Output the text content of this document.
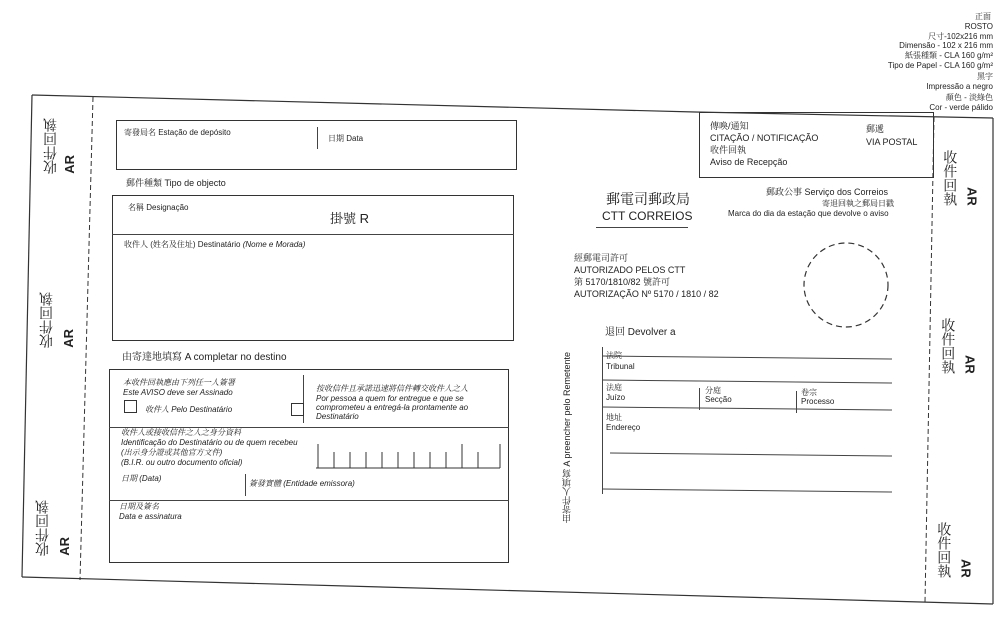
正面
ROSTO
尺寸-102x216 mm
Dimensão - 102 x 216 mm
紙張種類 - CLA 160 g/m²
Tipo de Papel - CLA 160 g/m²
黑字
Impressão a negro
顏色 - 淡綠色
Cor - verde pálido
收件回執 AR
收件回執 AR
收件回執 AR
收件回執 AR
收件回執 AR
收件回執 AR
寄發局名 Estação de depósito
日期 Data
郵件種類 Tipo de objecto
名稱 Designação
掛號 R
收件人 (姓名及住址) Destinatário (Nome e Morada)
由寄達地填寫 A completar no destino
本收件回執應由下列任一人簽署
Este AVISO deve ser Assinado
收件人 Pelo Destinatário
按收信件且承諾迅速將信件轉交收件人之人
Por pessoa a quem for entregue e que se
comprometeu a entregá-la prontamente ao
Destinatário
收件人或接收信件之人之身分資料
Identificação do Destinatário ou de quem recebeu
(出示身分證或其他官方文件)
(B.I.R. ou outro documento oficial)
日期 (Data)
簽發實體 (Entidade emissora)
日期及簽名
Data e assinatura
傳喚/通知
CITAÇÃO / NOTIFICAÇÃO
收件回執
Aviso de Recepção
郵遞
VIA POSTAL
郵政公事 Serviço dos Correios
寄退回執之郵局日戳
Marca do dia da estação que devolve o aviso
郵電司郵政局
CTT CORREIOS
經郵電司許可
AUTORIZADO PELOS CTT
第 5170/1810/82 號許可
AUTORIZAÇÃO Nº 5170 / 1810 / 82
由寄件人填寫 A preencher pelo Remetente
退回 Devolver a
法院
Tribunal
法庭
Juízo
分庭
Secção
卷宗
Processo
地址
Endereço
